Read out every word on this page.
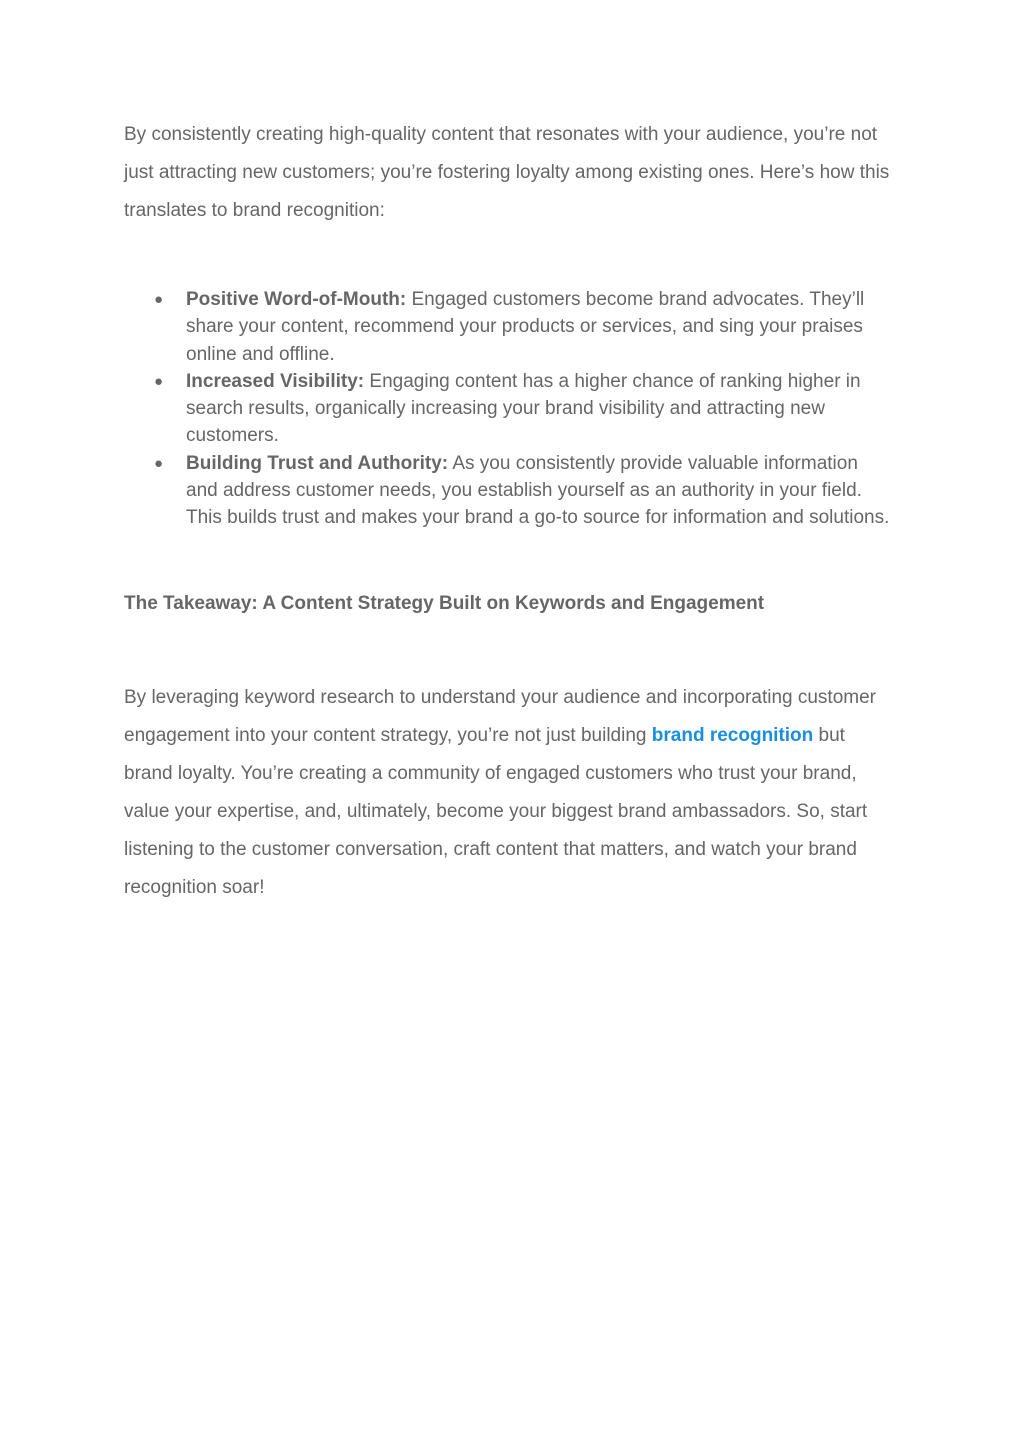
By consistently creating high-quality content that resonates with your audience, you’re not just attracting new customers; you’re fostering loyalty among existing ones. Here’s how this translates to brand recognition:

● Positive Word-of-Mouth: Engaged customers become brand advocates. They’ll share your content, recommend your products or services, and sing your praises online and offline.
● Increased Visibility: Engaging content has a higher chance of ranking higher in search results, organically increasing your brand visibility and attracting new customers.
● Building Trust and Authority: As you consistently provide valuable information and address customer needs, you establish yourself as an authority in your field. This builds trust and makes your brand a go-to source for information and solutions.
The Takeaway: A Content Strategy Built on Keywords and Engagement

By leveraging keyword research to understand your audience and incorporating customer engagement into your content strategy, you’re not just building brand recognition but brand loyalty. You’re creating a community of engaged customers who trust your brand, value your expertise, and, ultimately, become your biggest brand ambassadors. So, start listening to the customer conversation, craft content that matters, and watch your brand recognition soar!
